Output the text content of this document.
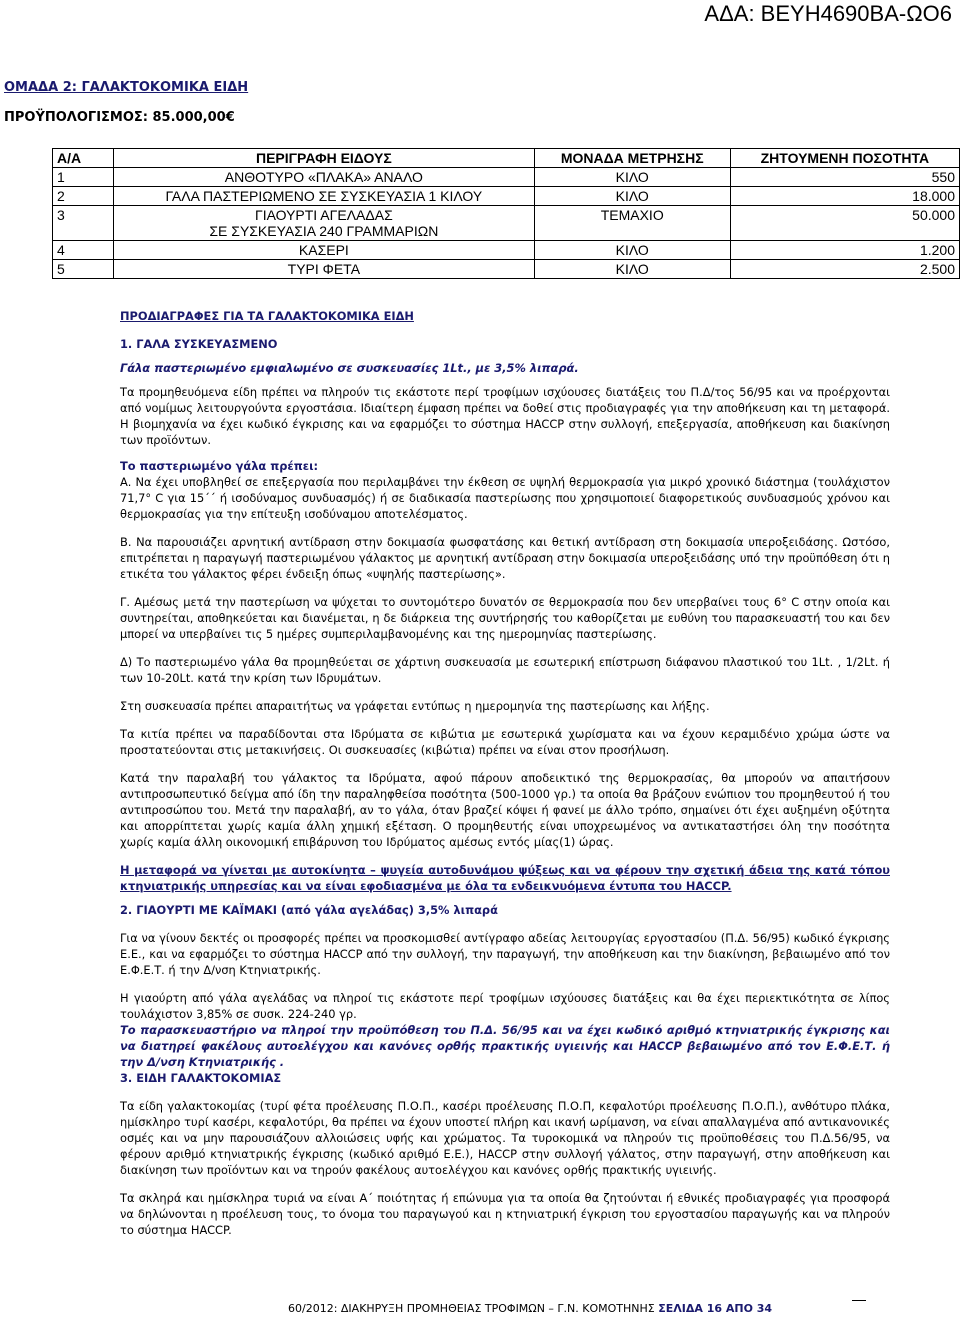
ΑΔΑ: ΒΕΥΗ4690ΒΑ-ΩΟ6
ΟΜΑΔΑ 2: ΓΑΛΑΚΤΟΚΟΜΙΚΑ ΕΙΔΗ
ΠΡΟΫΠΟΛΟΓΙΣΜΟΣ: 85.000,00€
Α/Α	ΠΕΡΙΓΡΑΦΗ ΕΙΔΟΥΣ	ΜΟΝΑΔΑ ΜΕΤΡΗΣΗΣ	ΖΗΤΟΥΜΕΝΗ ΠΟΣΟΤΗΤΑ
1	ΑΝΘΟΤΥΡΟ «ΠΛΑΚΑ» ΑΝΑΛΟ	ΚΙΛΟ	550
2	ΓΑΛΑ ΠΑΣΤΕΡΙΩΜΕΝΟ ΣΕ ΣΥΣΚΕΥΑΣΙΑ 1 ΚΙΛΟΥ	ΚΙΛΟ	18.000
3	ΓΙΑΟΥΡΤΙ ΑΓΕΛΑΔΑΣ
ΣΕ ΣΥΣΚΕΥΑΣΙΑ 240 ΓΡΑΜΜΑΡΙΩΝ	ΤΕΜΑΧΙΟ	50.000
4	ΚΑΣΕΡΙ	ΚΙΛΟ	1.200
5	ΤΥΡΙ ΦΕΤΑ	ΚΙΛΟ	2.500

ΠΡΟΔΙΑΓΡΑΦΕΣ ΓΙΑ ΤΑ ΓΑΛΑΚΤΟΚΟΜΙΚΑ ΕΙΔΗ

1. ΓΑΛΑ ΣΥΣΚΕΥΑΣΜΕΝΟ

Γάλα παστεριωμένο εμφιαλωμένο σε συσκευασίες 1Lt., με 3,5% λιπαρά.

Τα προμηθευόμενα είδη πρέπει να πληρούν τις εκάστοτε περί τροφίμων ισχύουσες διατάξεις του Π.Δ/τος 56/95 και να προέρχονται από νομίμως λειτουργούντα εργοστάσια. Ιδιαίτερη έμφαση πρέπει να δοθεί στις προδιαγραφές για την αποθήκευση και τη μεταφορά. Η βιομηχανία να έχει κωδικό έγκρισης και να εφαρμόζει το σύστημα HACCP στην συλλογή, επεξεργασία, αποθήκευση και διακίνηση των προϊόντων.

Το παστεριωμένο γάλα πρέπει:

Α. Να έχει υποβληθεί σε επεξεργασία που περιλαμβάνει την έκθεση σε υψηλή θερμοκρασία για μικρό χρονικό διάστημα (τουλάχιστον 71,7° C για 15΄΄ ή ισοδύναμος συνδυασμός) ή σε διαδικασία παστερίωσης που χρησιμοποιεί διαφορετικούς συνδυασμούς χρόνου και θερμοκρασίας για την επίτευξη ισοδύναμου αποτελέσματος.

Β. Να παρουσιάζει αρνητική αντίδραση στην δοκιμασία φωσφατάσης και θετική αντίδραση στη δοκιμασία υπεροξειδάσης. Ωστόσο, επιτρέπεται η παραγωγή παστεριωμένου γάλακτος με αρνητική αντίδραση στην δοκιμασία υπεροξειδάσης υπό την προϋπόθεση ότι η ετικέτα του γάλακτος φέρει ένδειξη όπως «υψηλής παστερίωσης».

Γ. Αμέσως μετά την παστερίωση να ψύχεται το συντομότερο δυνατόν σε θερμοκρασία που δεν υπερβαίνει τους 6° C στην οποία και συντηρείται, αποθηκεύεται και διανέμεται, η δε διάρκεια της συντήρησής του καθορίζεται με ευθύνη του παρασκευαστή του και δεν μπορεί να υπερβαίνει τις 5 ημέρες συμπεριλαμβανομένης και της ημερομηνίας παστερίωσης.

Δ) Το παστεριωμένο γάλα θα προμηθεύεται σε χάρτινη συσκευασία με εσωτερική επίστρωση διάφανου πλαστικού του 1Lt. , 1/2Lt. ή των 10-20Lt. κατά την κρίση των Ιδρυμάτων.

Στη συσκευασία πρέπει απαραιτήτως να γράφεται εντύπως η ημερομηνία της παστερίωσης και λήξης.

Τα κιτία πρέπει να παραδίδονται στα Ιδρύματα σε κιβώτια με εσωτερικά χωρίσματα και να έχουν κεραμιδένιο χρώμα ώστε να προστατεύονται στις μετακινήσεις. Οι συσκευασίες (κιβώτια) πρέπει να είναι στον προσήλωση.

Κατά την παραλαβή του γάλακτος τα Ιδρύματα, αφού πάρουν αποδεικτικό της θερμοκρασίας, θα μπορούν να απαιτήσουν αντιπροσωπευτικό δείγμα από ίδη την παραληφθείσα ποσότητα (500-1000 γρ.) τα οποία θα βράζουν ενώπιον του προμηθευτού ή του αντιπροσώπου του. Μετά την παραλαβή, αν το γάλα, όταν βραζεί κόψει ή φανεί με άλλο τρόπο, σημαίνει ότι έχει αυξημένη οξύτητα και απορρίπτεται χωρίς καμία άλλη χημική εξέταση. Ο προμηθευτής είναι υποχρεωμένος να αντικαταστήσει όλη την ποσότητα χωρίς καμία άλλη οικονομική επιβάρυνση του Ιδρύματος αμέσως εντός μίας(1) ώρας.

Η μεταφορά να γίνεται με αυτοκίνητα – ψυγεία αυτοδυνάμου ψύξεως και να φέρουν την σχετική άδεια της κατά τόπου κτηνιατρικής υπηρεσίας και να είναι εφοδιασμένα με όλα τα ενδεικνυόμενα έντυπα του HACCP.

2. ΓΙΑΟΥΡΤΙ ΜΕ ΚΑΪΜΑΚΙ (από γάλα αγελάδας) 3,5% λιπαρά

Για να γίνουν δεκτές οι προσφορές πρέπει να προσκομισθεί αντίγραφο αδείας λειτουργίας εργοστασίου (Π.Δ. 56/95) κωδικό έγκρισης Ε.Ε., και να εφαρμόζει το σύστημα HACCP από την συλλογή, την παραγωγή, την αποθήκευση και την διακίνηση, βεβαιωμένο από τον Ε.Φ.Ε.Τ. ή την Δ/νση Κτηνιατρικής.

Η γιαούρτη από γάλα αγελάδας να πληροί τις εκάστοτε περί τροφίμων ισχύουσες διατάξεις και θα έχει περιεκτικότητα σε λίπος τουλάχιστον 3,85% σε συσκ. 224-240 γρ.

Το παρασκευαστήριο να πληροί την προϋπόθεση του Π.Δ. 56/95 και να έχει κωδικό αριθμό κτηνιατρικής έγκρισης και να διατηρεί φακέλους αυτοελέγχου και κανόνες ορθής πρακτικής υγιεινής και HACCP βεβαιωμένο από τον Ε.Φ.Ε.Τ. ή την Δ/νση Κτηνιατρικής .

3. ΕΙΔΗ ΓΑΛΑΚΤΟΚΟΜΙΑΣ

Τα είδη γαλακτοκομίας (τυρί φέτα προέλευσης Π.Ο.Π., κασέρι προέλευσης Π.Ο.Π, κεφαλοτύρι προέλευσης Π.Ο.Π.), ανθότυρο πλάκα, ημίσκληρο τυρί κασέρι, κεφαλοτύρι, θα πρέπει να έχουν υποστεί πλήρη και ικανή ωρίμανση, να είναι απαλλαγμένα από αντικανονικές οσμές και να μην παρουσιάζουν αλλοιώσεις υφής και χρώματος. Τα τυροκομικά να πληρούν τις προϋποθέσεις του Π.Δ.56/95, να φέρουν αριθμό κτηνιατρικής έγκρισης (κωδικό αριθμό Ε.Ε.), HACCP στην συλλογή γάλατος, στην παραγωγή, στην αποθήκευση και διακίνηση των προϊόντων και να τηρούν φακέλους αυτοελέγχου και κανόνες ορθής πρακτικής υγιεινής.

Τα σκληρά και ημίσκληρα τυριά να είναι Α΄ ποιότητας ή επώνυμα για τα οποία θα ζητούνται ή εθνικές προδιαγραφές για προσφορά να δηλώνονται η προέλευση τους, το όνομα του παραγωγού και η κτηνιατρική έγκριση του εργοστασίου παραγωγής και να πληρούν το σύστημα HACCP.

60/2012: ΔΙΑΚΗΡΥΞΗ ΠΡΟΜΗΘΕΙΑΣ ΤΡΟΦΙΜΩΝ – Γ.Ν. ΚΟΜΟΤΗΝΗΣ ΣΕΛΙΔΑ 16 ΑΠΟ 34
